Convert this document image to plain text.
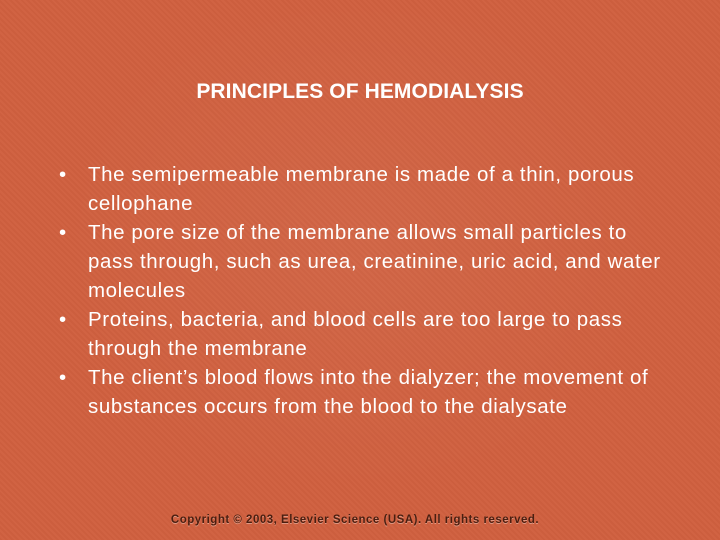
PRINCIPLES OF HEMODIALYSIS
• The semipermeable membrane is made of a thin, porous cellophane
• The pore size of the membrane allows small particles to pass through, such as urea, creatinine, uric acid, and water molecules
• Proteins, bacteria, and blood cells are too large to pass through the membrane
• The client’s blood flows into the dialyzer; the movement of substances occurs from the blood to the dialysate
Copyright © 2003, Elsevier Science (USA). All rights reserved.
